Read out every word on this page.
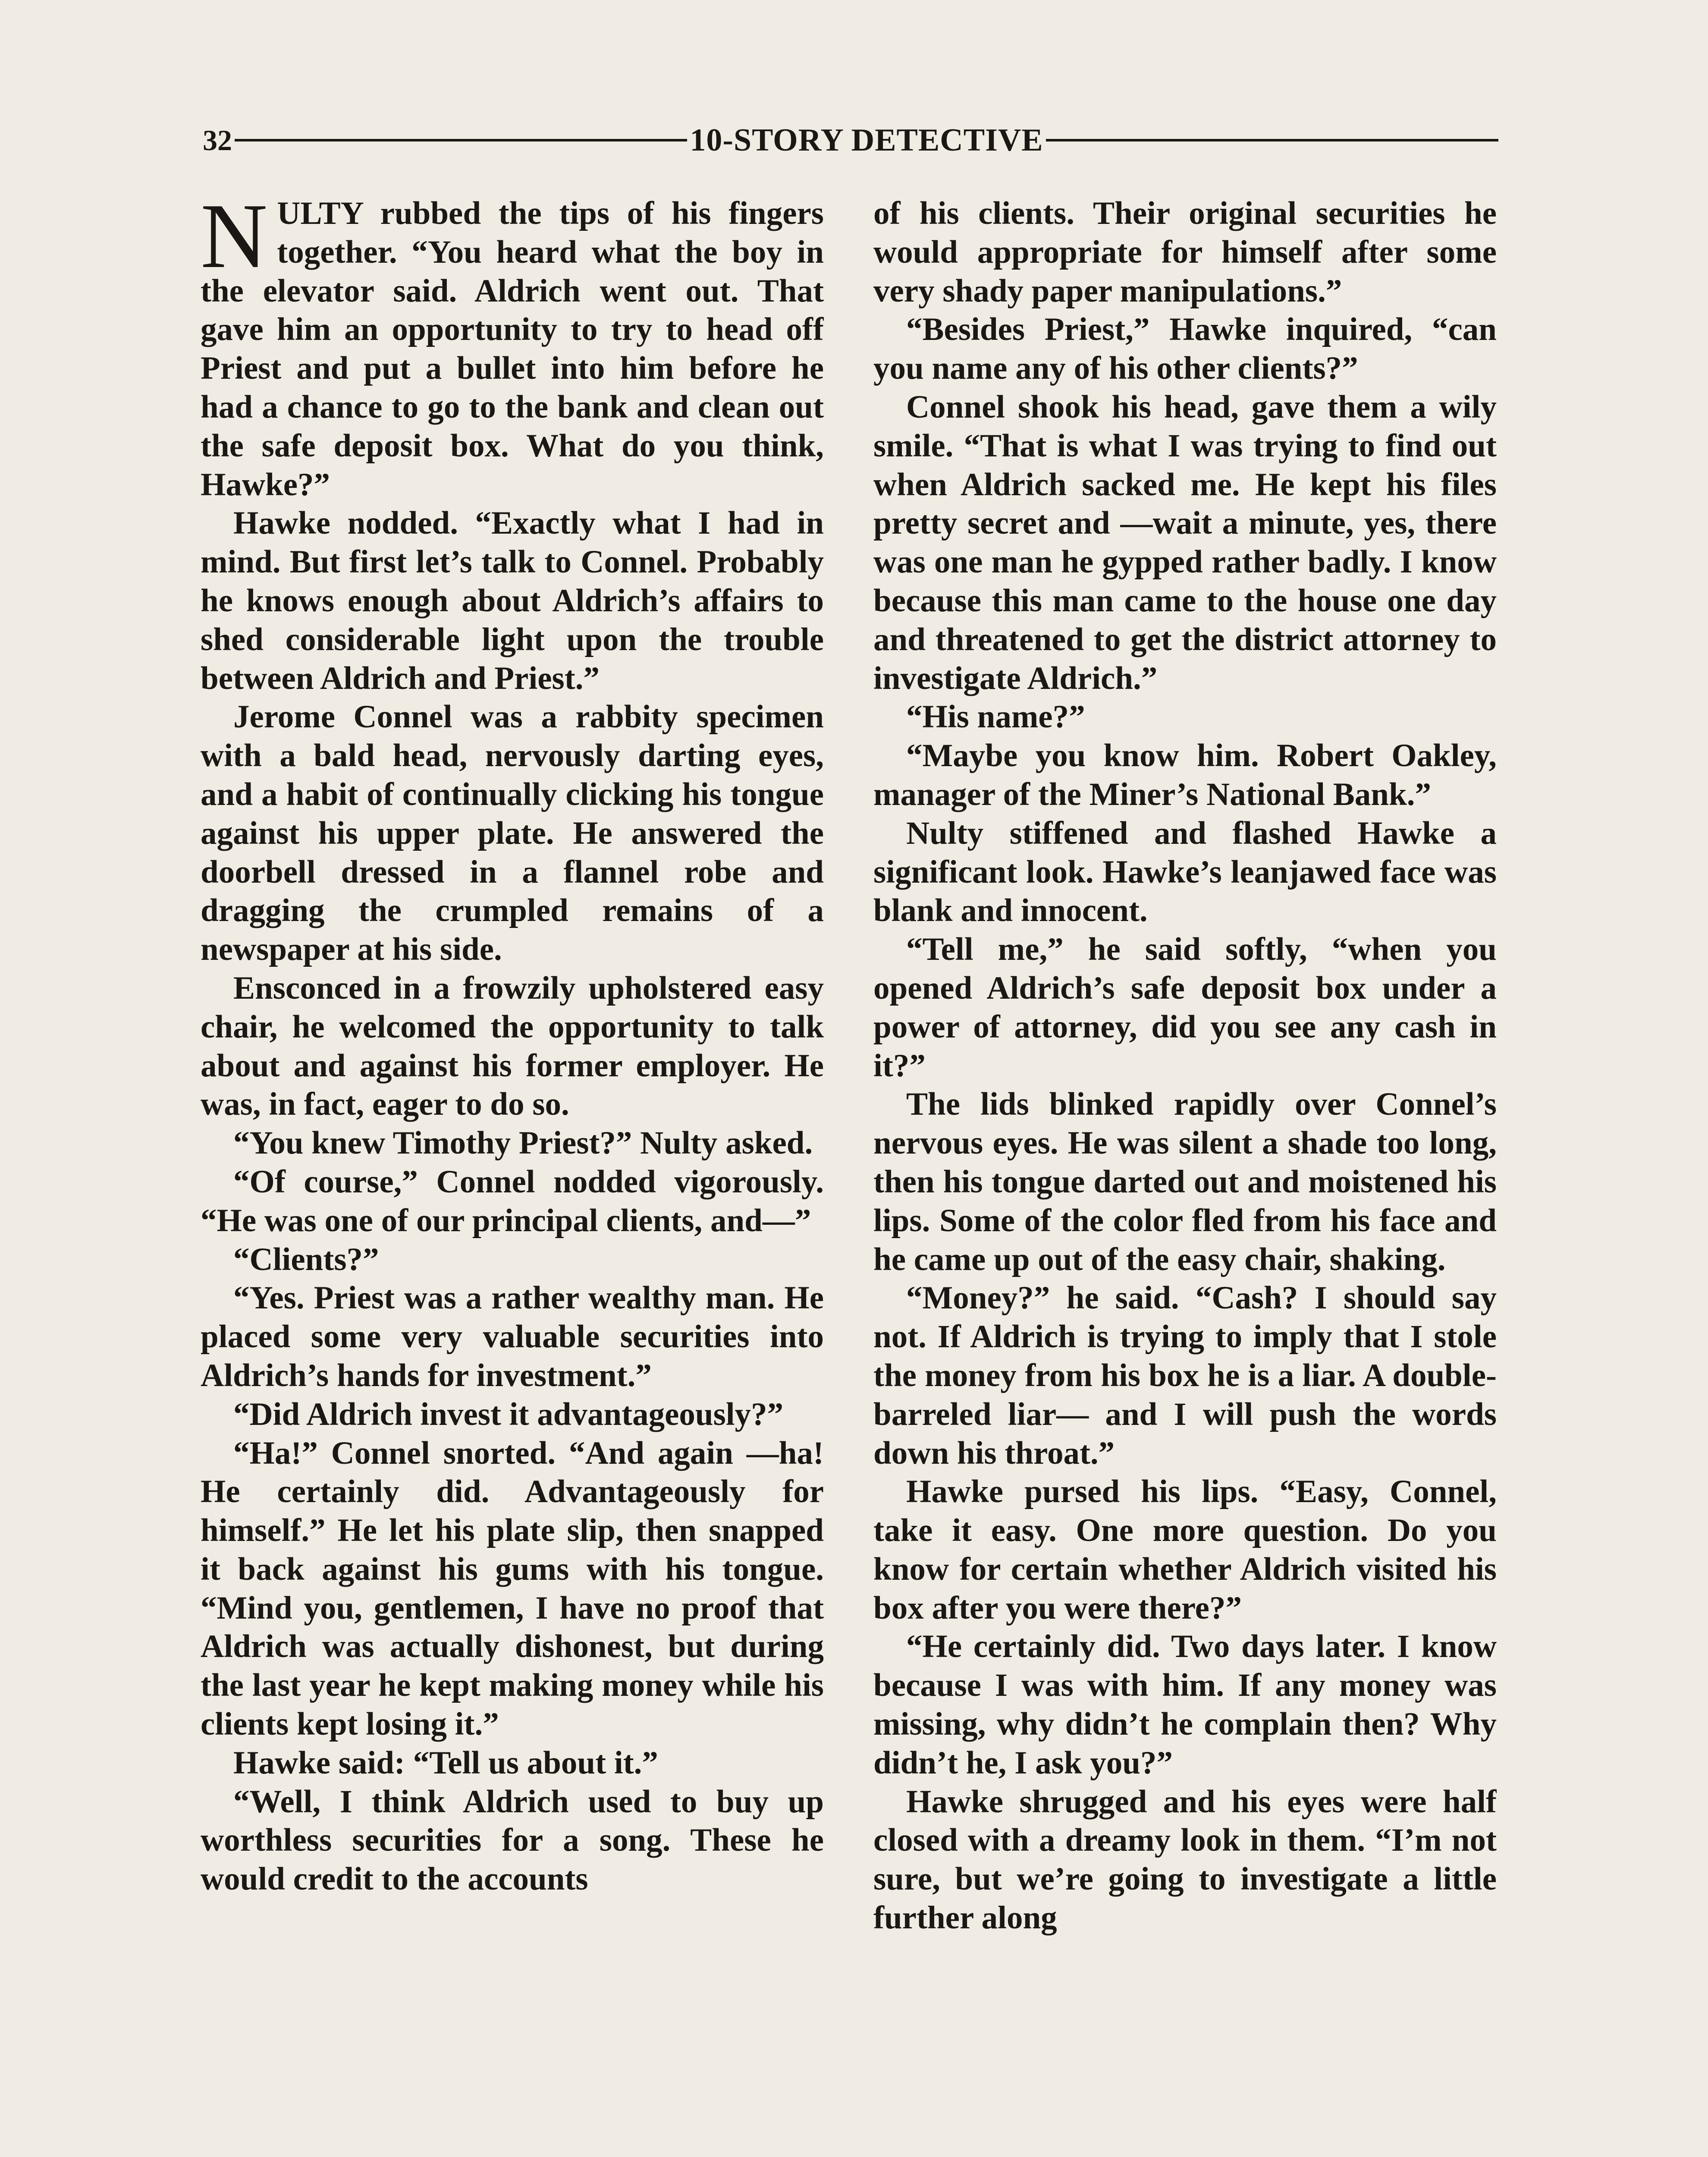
32	10-STORY DETECTIVE

NULTY rubbed the tips of his fingers together. “You heard what the boy in the elevator said. Aldrich went out. That gave him an opportunity to try to head off Priest and put a bullet into him before he had a chance to go to the bank and clean out the safe deposit box. What do you think, Hawke?”

Hawke nodded. “Exactly what I had in mind. But first let’s talk to Connel. Probably he knows enough about Aldrich’s affairs to shed considerable light upon the trouble between Aldrich and Priest.”

Jerome Connel was a rabbity specimen with a bald head, nervously darting eyes, and a habit of continually clicking his tongue against his upper plate. He answered the doorbell dressed in a flannel robe and dragging the crumpled remains of a newspaper at his side.

Ensconced in a frowzily upholstered easy chair, he welcomed the opportunity to talk about and against his former employer. He was, in fact, eager to do so.

“You knew Timothy Priest?” Nulty asked.

“Of course,” Connel nodded vigorously. “He was one of our principal clients, and—”

“Clients?”

“Yes. Priest was a rather wealthy man. He placed some very valuable securities into Aldrich’s hands for investment.”

“Did Aldrich invest it advantageously?”

“Ha!” Connel snorted. “And again —ha! He certainly did. Advantageously for himself.” He let his plate slip, then snapped it back against his gums with his tongue. “Mind you, gentlemen, I have no proof that Aldrich was actually dishonest, but during the last year he kept making money while his clients kept losing it.”

Hawke said: “Tell us about it.”

“Well, I think Aldrich used to buy up worthless securities for a song. These he would credit to the accounts

of his clients. Their original securities he would appropriate for himself after some very shady paper manipulations.”

“Besides Priest,” Hawke inquired, “can you name any of his other clients?”

Connel shook his head, gave them a wily smile. “That is what I was trying to find out when Aldrich sacked me. He kept his files pretty secret and —wait a minute, yes, there was one man he gypped rather badly. I know because this man came to the house one day and threatened to get the district attorney to investigate Aldrich.”

“His name?”

“Maybe you know him. Robert Oakley, manager of the Miner’s National Bank.”

Nulty stiffened and flashed Hawke a significant look. Hawke’s leanjawed face was blank and innocent.

“Tell me,” he said softly, “when you opened Aldrich’s safe deposit box under a power of attorney, did you see any cash in it?”

The lids blinked rapidly over Connel’s nervous eyes. He was silent a shade too long, then his tongue darted out and moistened his lips. Some of the color fled from his face and he came up out of the easy chair, shaking.

“Money?” he said. “Cash? I should say not. If Aldrich is trying to imply that I stole the money from his box he is a liar. A double-barreled liar— and I will push the words down his throat.”

Hawke pursed his lips. “Easy, Connel, take it easy. One more question. Do you know for certain whether Aldrich visited his box after you were there?”

“He certainly did. Two days later. I know because I was with him. If any money was missing, why didn’t he complain then? Why didn’t he, I ask you?”

Hawke shrugged and his eyes were half closed with a dreamy look in them. “I’m not sure, but we’re going to investigate a little further along
